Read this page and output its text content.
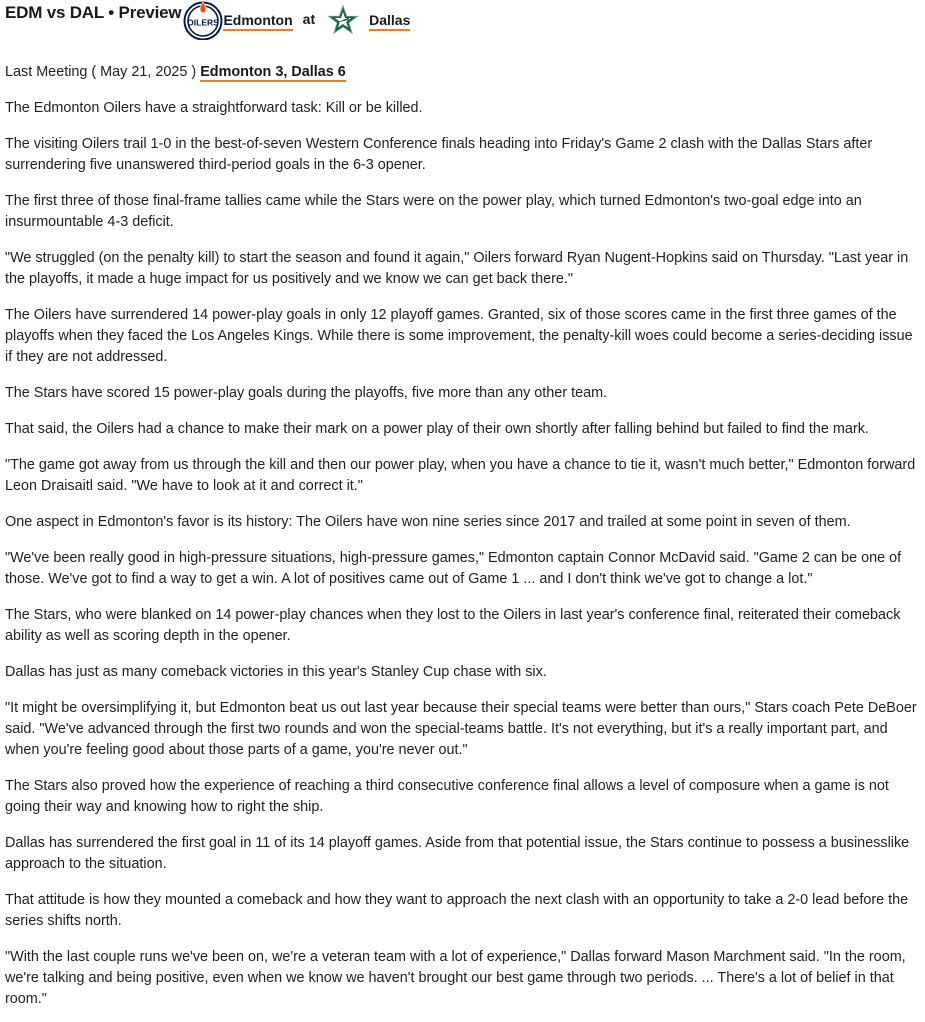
EDM vs DAL • Preview
OILERS Edmonton at	Dallas
Last Meeting ( May 21, 2025 ) Edmonton 3, Dallas 6

The Edmonton Oilers have a straightforward task: Kill or be killed.

The visiting Oilers trail 1-0 in the best-of-seven Western Conference finals heading into Friday's Game 2 clash with the Dallas Stars after surrendering five unanswered third-period goals in the 6-3 opener.

The first three of those final-frame tallies came while the Stars were on the power play, which turned Edmonton's two-goal edge into an insurmountable 4-3 deficit.

"We struggled (on the penalty kill) to start the season and found it again," Oilers forward Ryan Nugent-Hopkins said on Thursday. "Last year in the playoffs, it made a huge impact for us positively and we know we can get back there."

The Oilers have surrendered 14 power-play goals in only 12 playoff games. Granted, six of those scores came in the first three games of the playoffs when they faced the Los Angeles Kings. While there is some improvement, the penalty-kill woes could become a series-deciding issue if they are not addressed.

The Stars have scored 15 power-play goals during the playoffs, five more than any other team.

That said, the Oilers had a chance to make their mark on a power play of their own shortly after falling behind but failed to find the mark.

"The game got away from us through the kill and then our power play, when you have a chance to tie it, wasn't much better," Edmonton forward Leon Draisaitl said. "We have to look at it and correct it."

One aspect in Edmonton's favor is its history: The Oilers have won nine series since 2017 and trailed at some point in seven of them.

"We've been really good in high-pressure situations, high-pressure games," Edmonton captain Connor McDavid said. "Game 2 can be one of those. We've got to find a way to get a win. A lot of positives came out of Game 1 ... and I don't think we've got to change a lot."

The Stars, who were blanked on 14 power-play chances when they lost to the Oilers in last year's conference final, reiterated their comeback ability as well as scoring depth in the opener.

Dallas has just as many comeback victories in this year's Stanley Cup chase with six.

"It might be oversimplifying it, but Edmonton beat us out last year because their special teams were better than ours," Stars coach Pete DeBoer said. "We've advanced through the first two rounds and won the special-teams battle. It's not everything, but it's a really important part, and when you're feeling good about those parts of a game, you're never out."

The Stars also proved how the experience of reaching a third consecutive conference final allows a level of composure when a game is not going their way and knowing how to right the ship.

Dallas has surrendered the first goal in 11 of its 14 playoff games. Aside from that potential issue, the Stars continue to possess a businesslike approach to the situation.

That attitude is how they mounted a comeback and how they want to approach the next clash with an opportunity to take a 2-0 lead before the series shifts north.

"With the last couple runs we've been on, we're a veteran team with a lot of experience," Dallas forward Mason Marchment said. "In the room, we're talking and being positive, even when we know we haven't brought our best game through two periods. ... There's a lot of belief in that room."
